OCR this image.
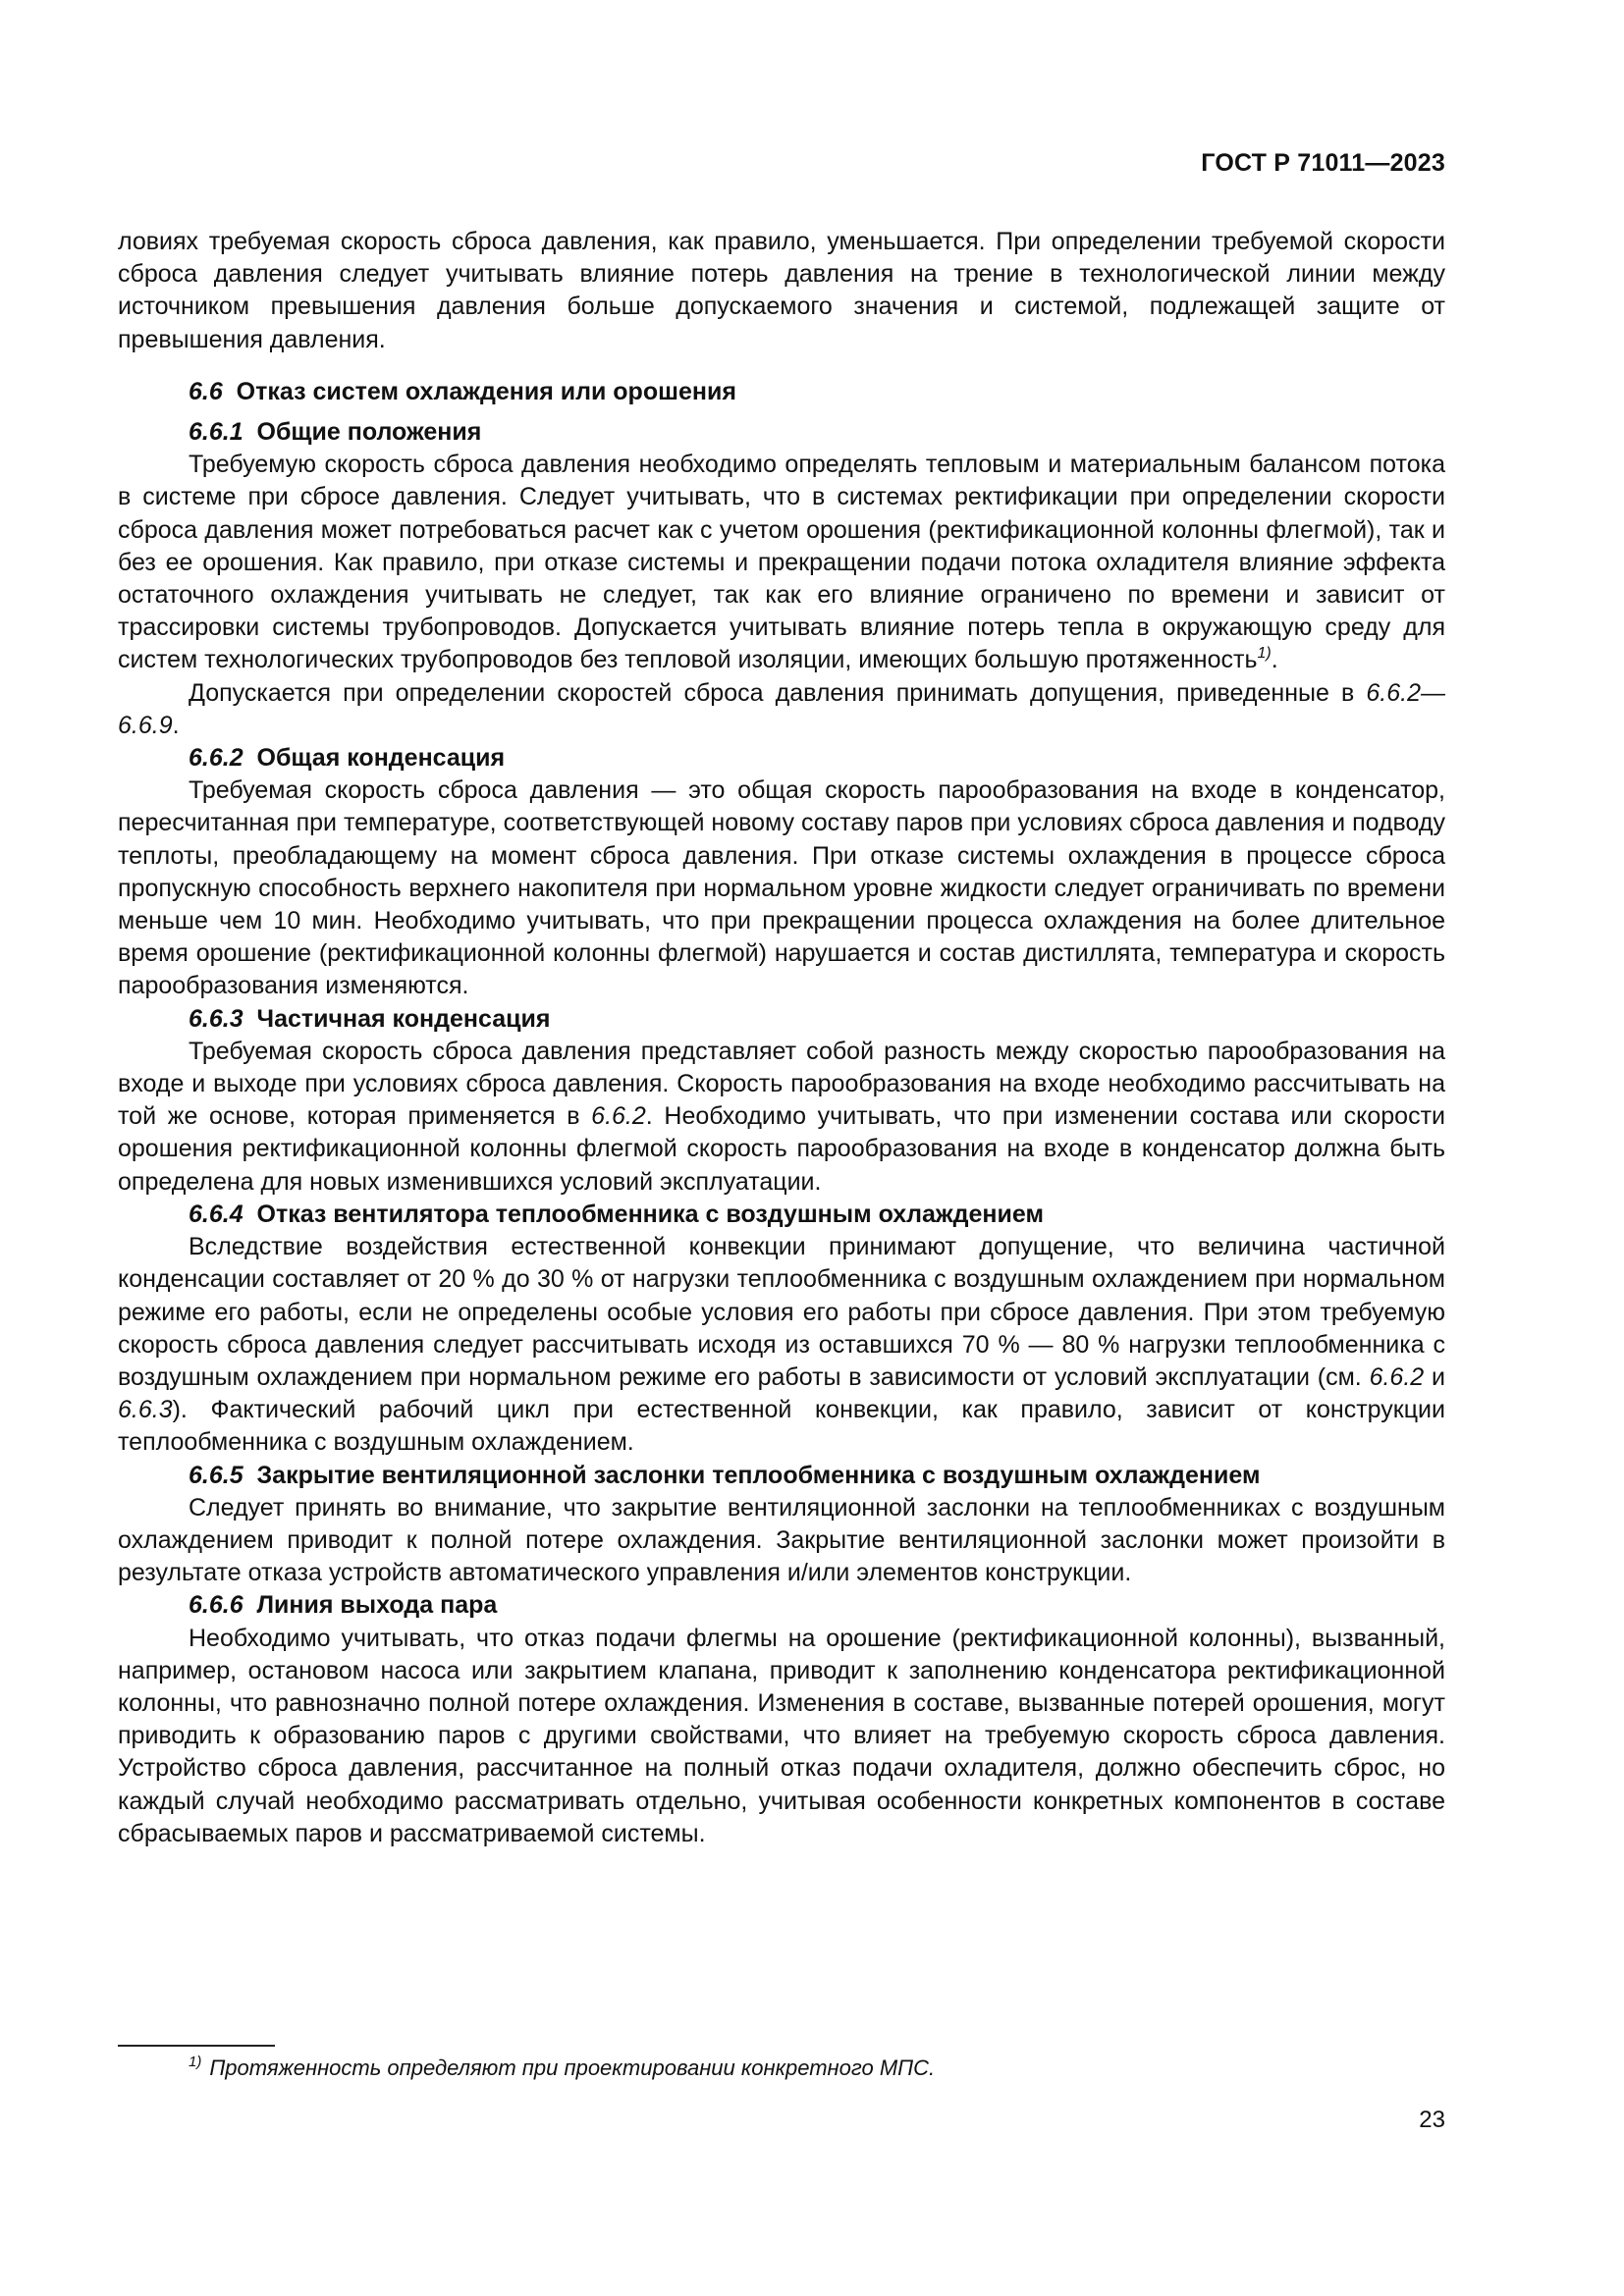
ГОСТ Р 71011—2023

ловиях требуемая скорость сброса давления, как правило, уменьшается. При определении требуемой скорости сброса давления следует учитывать влияние потерь давления на трение в технологической линии между источником превышения давления больше допускаемого значения и системой, подлежащей защите от превышения давления.

6.6 Отказ систем охлаждения или орошения

6.6.1 Общие положения

Требуемую скорость сброса давления необходимо определять тепловым и материальным балансом потока в системе при сбросе давления. Следует учитывать, что в системах ректификации при определении скорости сброса давления может потребоваться расчет как с учетом орошения (ректификационной колонны флегмой), так и без ее орошения. Как правило, при отказе системы и прекращении подачи потока охладителя влияние эффекта остаточного охлаждения учитывать не следует, так как его влияние ограничено по времени и зависит от трассировки системы трубопроводов. Допускается учитывать влияние потерь тепла в окружающую среду для систем технологических трубопроводов без тепловой изоляции, имеющих большую протяженность$^{1)}$.

Допускается при определении скоростей сброса давления принимать допущения, приведенные в 6.6.2—6.6.9.

6.6.2 Общая конденсация

Требуемая скорость сброса давления — это общая скорость парообразования на входе в конденсатор, пересчитанная при температуре, соответствующей новому составу паров при условиях сброса давления и подводу теплоты, преобладающему на момент сброса давления. При отказе системы охлаждения в процессе сброса пропускную способность верхнего накопителя при нормальном уровне жидкости следует ограничивать по времени меньше чем 10 мин. Необходимо учитывать, что при прекращении процесса охлаждения на более длительное время орошение (ректификационной колонны флегмой) нарушается и состав дистиллята, температура и скорость парообразования изменяются.

6.6.3 Частичная конденсация

Требуемая скорость сброса давления представляет собой разность между скоростью парообразования на входе и выходе при условиях сброса давления. Скорость парообразования на входе необходимо рассчитывать на той же основе, которая применяется в 6.6.2. Необходимо учитывать, что при изменении состава или скорости орошения ректификационной колонны флегмой скорость парообразования на входе в конденсатор должна быть определена для новых изменившихся условий эксплуатации.

6.6.4 Отказ вентилятора теплообменника с воздушным охлаждением

Вследствие воздействия естественной конвекции принимают допущение, что величина частичной конденсации составляет от 20 % до 30 % от нагрузки теплообменника с воздушным охлаждением при нормальном режиме его работы, если не определены особые условия его работы при сбросе давления. При этом требуемую скорость сброса давления следует рассчитывать исходя из оставшихся 70 % — 80 % нагрузки теплообменника с воздушным охлаждением при нормальном режиме его работы в зависимости от условий эксплуатации (см. 6.6.2 и 6.6.3). Фактический рабочий цикл при естественной конвекции, как правило, зависит от конструкции теплообменника с воздушным охлаждением.

6.6.5 Закрытие вентиляционной заслонки теплообменника с воздушным охлаждением

Следует принять во внимание, что закрытие вентиляционной заслонки на теплообменниках с воздушным охлаждением приводит к полной потере охлаждения. Закрытие вентиляционной заслонки может произойти в результате отказа устройств автоматического управления и/или элементов конструкции.

6.6.6 Линия выхода пара

Необходимо учитывать, что отказ подачи флегмы на орошение (ректификационной колонны), вызванный, например, остановом насоса или закрытием клапана, приводит к заполнению конденсатора ректификационной колонны, что равнозначно полной потере охлаждения. Изменения в составе, вызванные потерей орошения, могут приводить к образованию паров с другими свойствами, что влияет на требуемую скорость сброса давления. Устройство сброса давления, рассчитанное на полный отказ подачи охладителя, должно обеспечить сброс, но каждый случай необходимо рассматривать отдельно, учитывая особенности конкретных компонентов в составе сбрасываемых паров и рассматриваемой системы.

$^{1)}$ Протяженность определяют при проектировании конкретного МПС.
23
